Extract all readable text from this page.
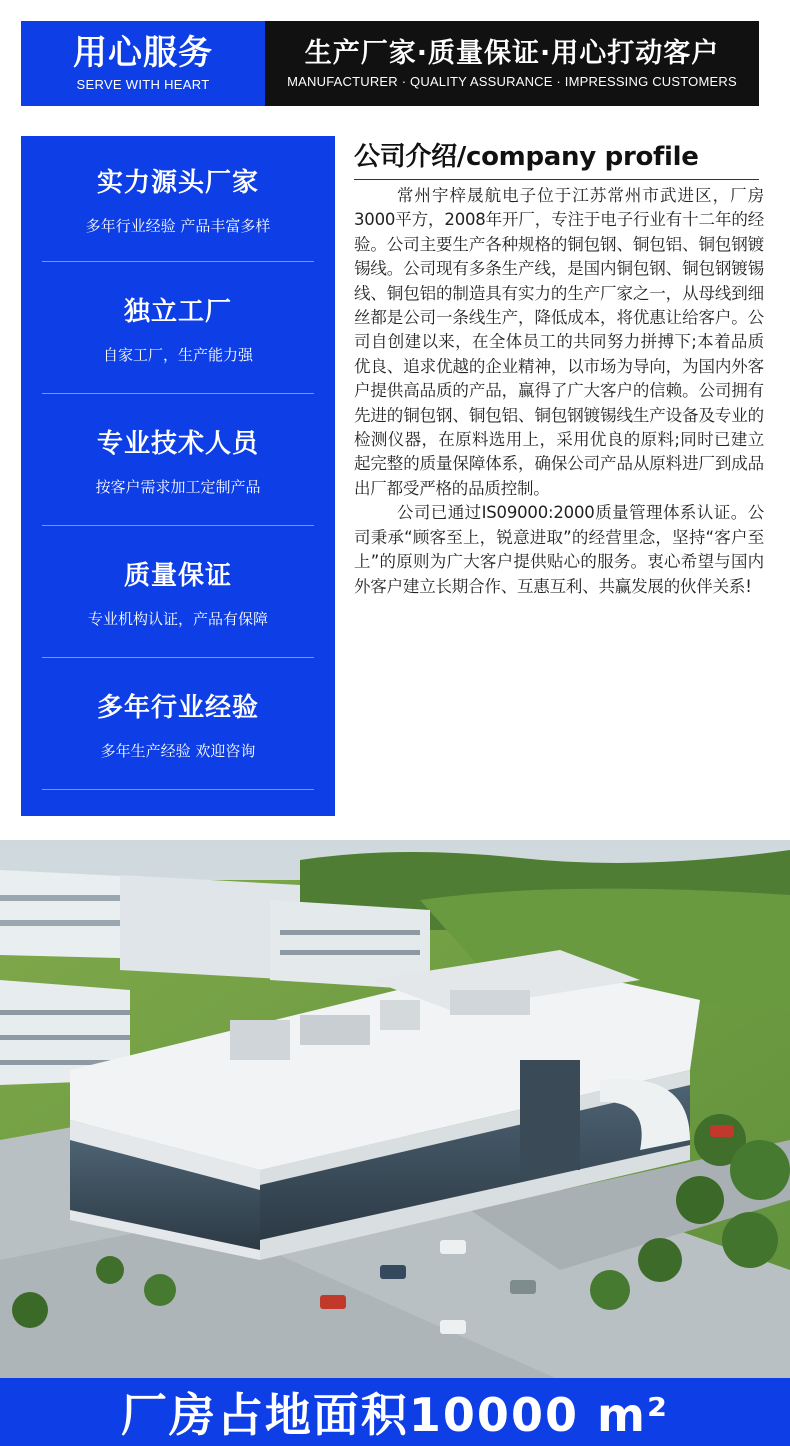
用心服务
SERVE WITH HEART
生产厂家·质量保证·用心打动客户
MANUFACTURER · QUALITY ASSURANCE · IMPRESSING CUSTOMERS
实力源头厂家
多年行业经验 产品丰富多样
独立工厂
自家工厂，生产能力强
专业技术人员
按客户需求加工定制产品
质量保证
专业机构认证，产品有保障
多年行业经验
多年生产经验 欢迎咨询
公司介绍/company profile

常州宇梓晟航电子位于江苏常州市武进区，厂房3000平方，2008年开厂，专注于电子行业有十二年的经验。公司主要生产各种规格的铜包钢、铜包铝、铜包钢镀锡线。公司现有多条生产线，是国内铜包钢、铜包钢镀锡线、铜包铝的制造具有实力的生产厂家之一，从母线到细丝都是公司一条线生产，降低成本，将优惠让给客户。公司自创建以来，在全体员工的共同努力拼搏下;本着品质优良、追求优越的企业精神，以市场为导向，为国内外客户提供高品质的产品，赢得了广大客户的信赖。公司拥有先进的铜包钢、铜包铝、铜包钢镀锡线生产设备及专业的检测仪器，在原料选用上，采用优良的原料;同时已建立起完整的质量保障体系，确保公司产品从原料进厂到成品出厂都受严格的品质控制。

公司已通过IS09000:2000质量管理体系认证。公司秉承“顾客至上，锐意进取”的经营里念，坚持“客户至上”的原则为广大客户提供贴心的服务。衷心希望与国内外客户建立长期合作、互惠互利、共赢发展的伙伴关系!

厂房占地面积10000 m²
